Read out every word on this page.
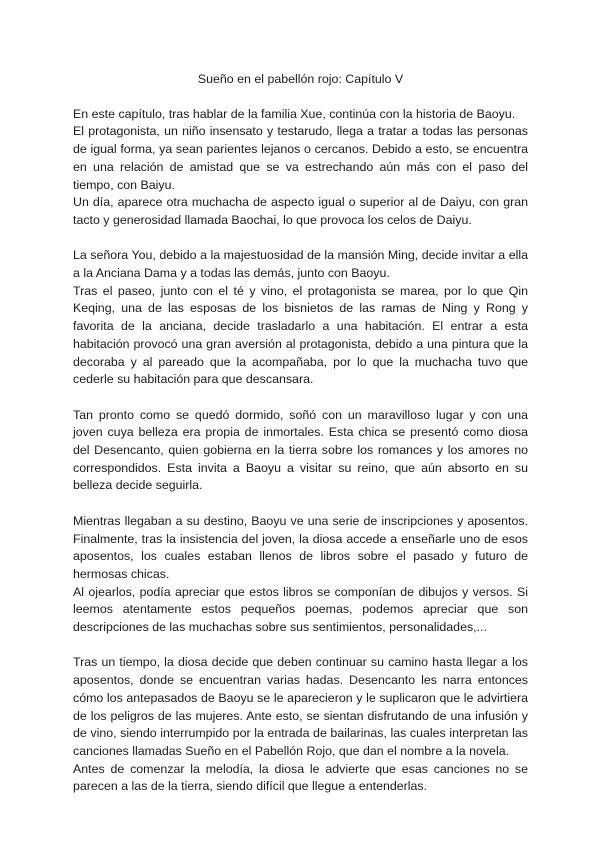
Sueño en el pabellón rojo: Capítulo V

En este capítulo, tras hablar de la familia Xue, continúa con la historia de Baoyu.

El protagonista, un niño insensato y testarudo, llega a tratar a todas las personas de igual forma, ya sean parientes lejanos o cercanos. Debido a esto, se encuentra en una relación de amistad que se va estrechando aún más con el paso del tiempo, con Baiyu.

Un día, aparece otra muchacha de aspecto igual o superior al de Daiyu, con gran tacto y generosidad llamada Baochai, lo que provoca los celos de Daiyu.

La señora You, debido a la majestuosidad de la mansión Ming, decide invitar a ella a la Anciana Dama y a todas las demás, junto con Baoyu.

Tras el paseo, junto con el té y vino, el protagonista se marea, por lo que Qin Keqing, una de las esposas de los bisnietos de las ramas de Ning y Rong y favorita de la anciana, decide trasladarlo a una habitación. El entrar a esta habitación provocó una gran aversión al protagonista, debido a una pintura que la decoraba y al pareado que la acompañaba, por lo que la muchacha tuvo que cederle su habitación para que descansara.

Tan pronto como se quedó dormido, soñó con un maravilloso lugar y con una joven cuya belleza era propia de inmortales. Esta chica se presentó como diosa del Desencanto, quien gobierna en la tierra sobre los romances y los amores no correspondidos. Esta invita a Baoyu a visitar su reino, que aún absorto en su belleza decide seguirla.

Mientras llegaban a su destino, Baoyu ve una serie de inscripciones y aposentos. Finalmente, tras la insistencia del joven, la diosa accede a enseñarle uno de esos aposentos, los cuales estaban llenos de libros sobre el pasado y futuro de hermosas chicas.

Al ojearlos, podía apreciar que estos libros se componían de dibujos y versos. Si leemos atentamente estos pequeños poemas, podemos apreciar que son descripciones de las muchachas sobre sus sentimientos, personalidades,...

Tras un tiempo, la diosa decide que deben continuar su camino hasta llegar a los aposentos, donde se encuentran varias hadas. Desencanto les narra entonces cómo los antepasados de Baoyu se le aparecieron y le suplicaron que le advirtiera de los peligros de las mujeres. Ante esto, se sientan disfrutando de una infusión y de vino, siendo interrumpido por la entrada de bailarinas, las cuales interpretan las canciones llamadas Sueño en el Pabellón Rojo, que dan el nombre a la novela.

Antes de comenzar la melodía, la diosa le advierte que esas canciones no se parecen a las de la tierra, siendo difícil que llegue a entenderlas.
